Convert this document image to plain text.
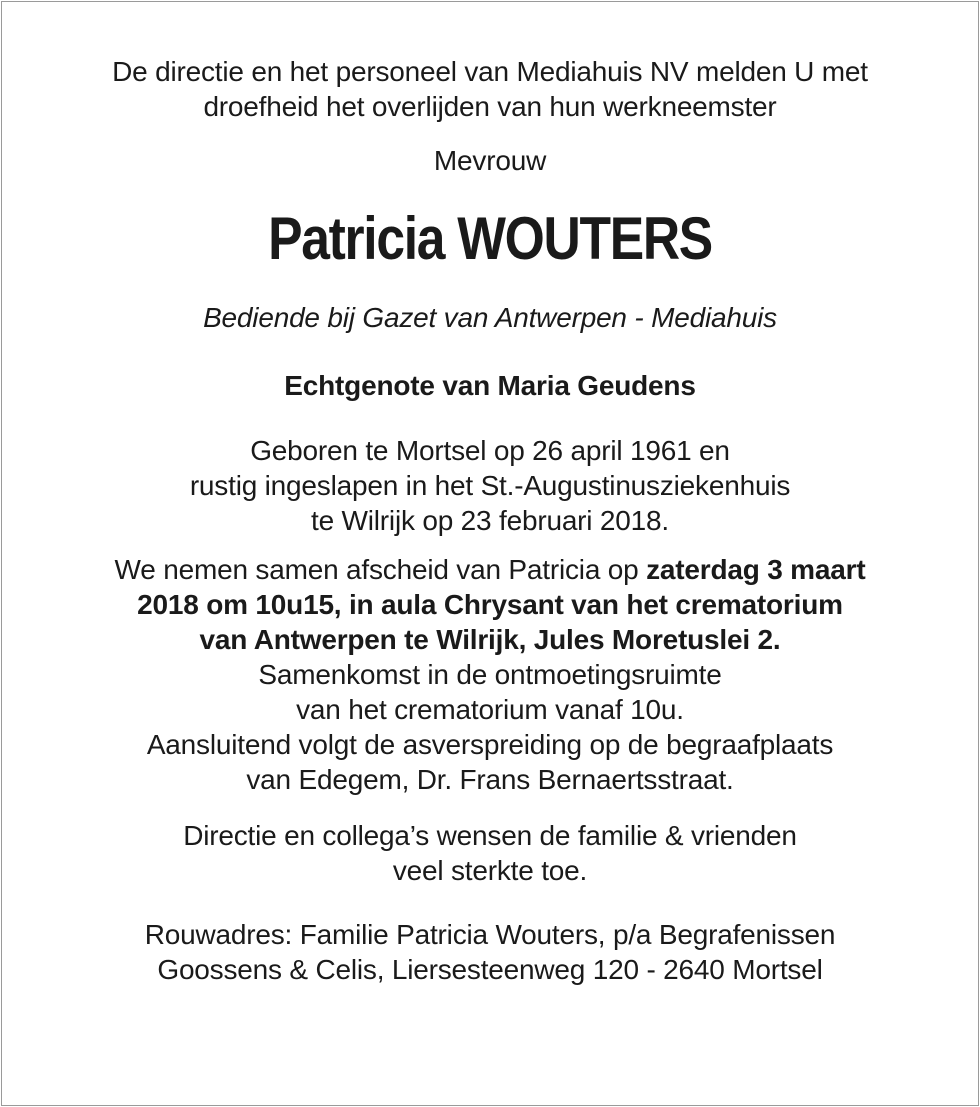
De directie en het personeel van Mediahuis NV melden U met
droefheid het overlijden van hun werkneemster
Mevrouw
Patricia WOUTERS
Bediende bij Gazet van Antwerpen - Mediahuis
Echtgenote van Maria Geudens
Geboren te Mortsel op 26 april 1961 en
rustig ingeslapen in het St.-Augustinusziekenhuis
te Wilrijk op 23 februari 2018.
We nemen samen afscheid van Patricia op zaterdag 3 maart
2018 om 10u15, in aula Chrysant van het crematorium
van Antwerpen te Wilrijk, Jules Moretuslei 2.
Samenkomst in de ontmoetingsruimte
van het crematorium vanaf 10u.
Aansluitend volgt de asverspreiding op de begraafplaats
van Edegem, Dr. Frans Bernaertsstraat.
Directie en collega’s wensen de familie & vrienden
veel sterkte toe.
Rouwadres: Familie Patricia Wouters, p/a Begrafenissen
Goossens & Celis, Liersesteenweg 120 - 2640 Mortsel
